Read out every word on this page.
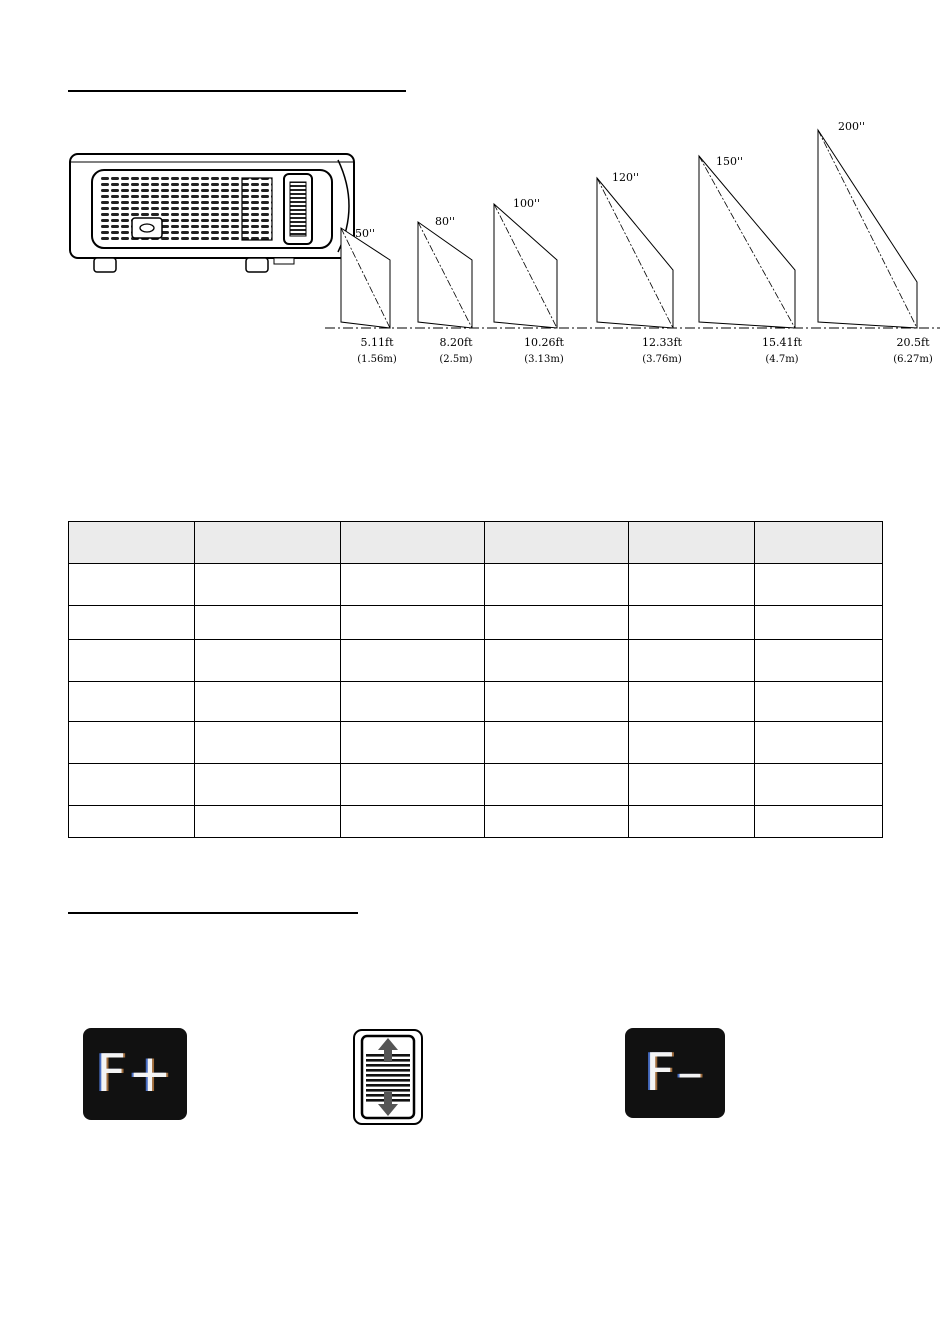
50''
5.11ft
(1.56m)
80''
8.20ft
(2.5m)
100''
10.26ft
(3.13m)
120''
12.33ft
(3.76m)
150''
15.41ft
(4.7m)
200''
20.5ft
(6.27m)

F+	F–
